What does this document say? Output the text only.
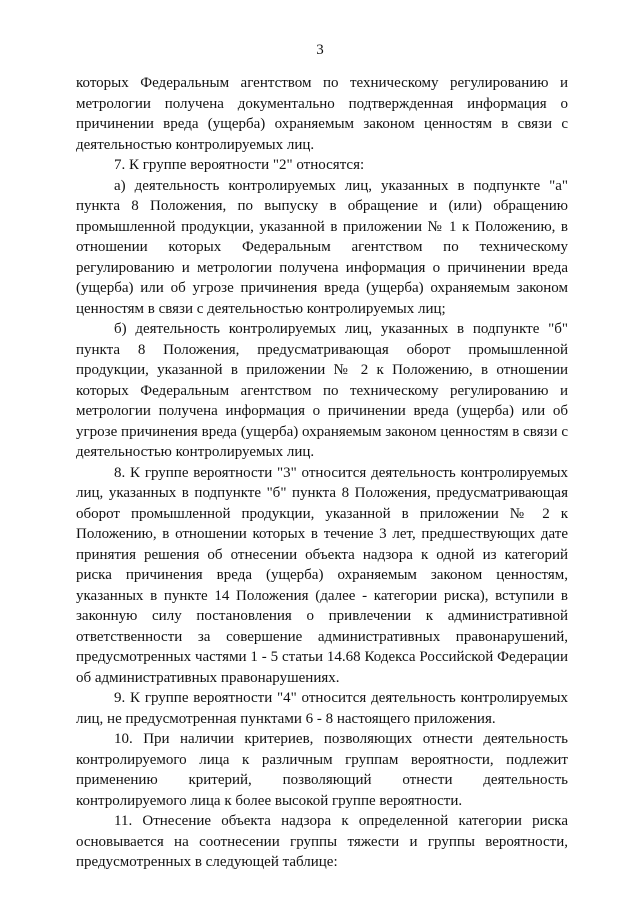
3

которых Федеральным агентством по техническому регулированию и метрологии получена документально подтвержденная информация о причинении вреда (ущерба) охраняемым законом ценностям в связи с деятельностью контролируемых лиц.

7. К группе вероятности "2" относятся:

а) деятельность контролируемых лиц, указанных в подпункте "а" пункта 8 Положения, по выпуску в обращение и (или) обращению промышленной продукции, указанной в приложении № 1 к Положению, в отношении которых Федеральным агентством по техническому регулированию и метрологии получена информация о причинении вреда (ущерба) или об угрозе причинения вреда (ущерба) охраняемым законом ценностям в связи с деятельностью контролируемых лиц;

б) деятельность контролируемых лиц, указанных в подпункте "б" пункта 8 Положения, предусматривающая оборот промышленной продукции, указанной в приложении № 2 к Положению, в отношении которых Федеральным агентством по техническому регулированию и метрологии получена информация о причинении вреда (ущерба) или об угрозе причинения вреда (ущерба) охраняемым законом ценностям в связи с деятельностью контролируемых лиц.

8. К группе вероятности "3" относится деятельность контролируемых лиц, указанных в подпункте "б" пункта 8 Положения, предусматривающая оборот промышленной продукции, указанной в приложении № 2 к Положению, в отношении которых в течение 3 лет, предшествующих дате принятия решения об отнесении объекта надзора к одной из категорий риска причинения вреда (ущерба) охраняемым законом ценностям, указанных в пункте 14 Положения (далее - категории риска), вступили в законную силу постановления о привлечении к административной ответственности за совершение административных правонарушений, предусмотренных частями 1 - 5 статьи 14.68 Кодекса Российской Федерации об административных правонарушениях.

9. К группе вероятности "4" относится деятельность контролируемых лиц, не предусмотренная пунктами 6 - 8 настоящего приложения.

10. При наличии критериев, позволяющих отнести деятельность контролируемого лица к различным группам вероятности, подлежит применению критерий, позволяющий отнести деятельность контролируемого лица к более высокой группе вероятности.

11. Отнесение объекта надзора к определенной категории риска основывается на соотнесении группы тяжести и группы вероятности, предусмотренных в следующей таблице:
